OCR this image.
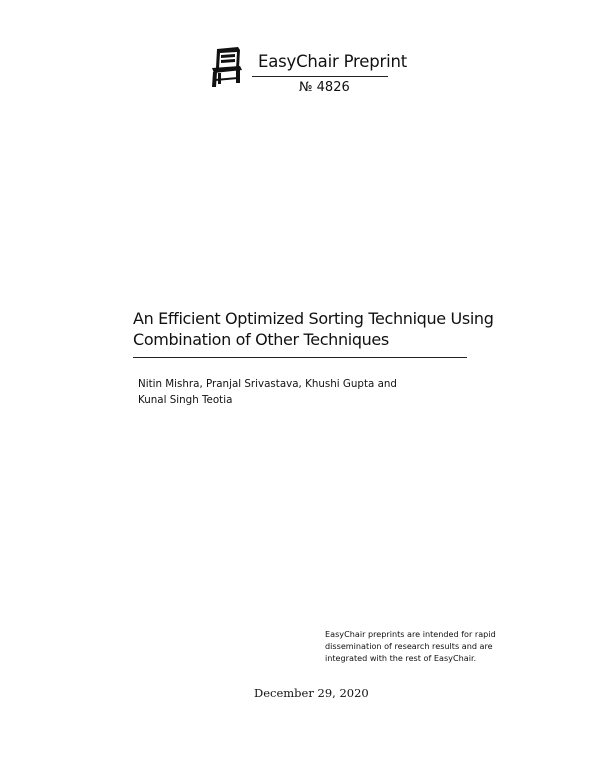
EasyChair Preprint
№ 4826
An Efficient Optimized Sorting Technique Using
Combination of Other Techniques
Nitin Mishra, Pranjal Srivastava, Khushi Gupta and
Kunal Singh Teotia
EasyChair preprints are intended for rapid
dissemination of research results and are
integrated with the rest of EasyChair.
December 29, 2020
